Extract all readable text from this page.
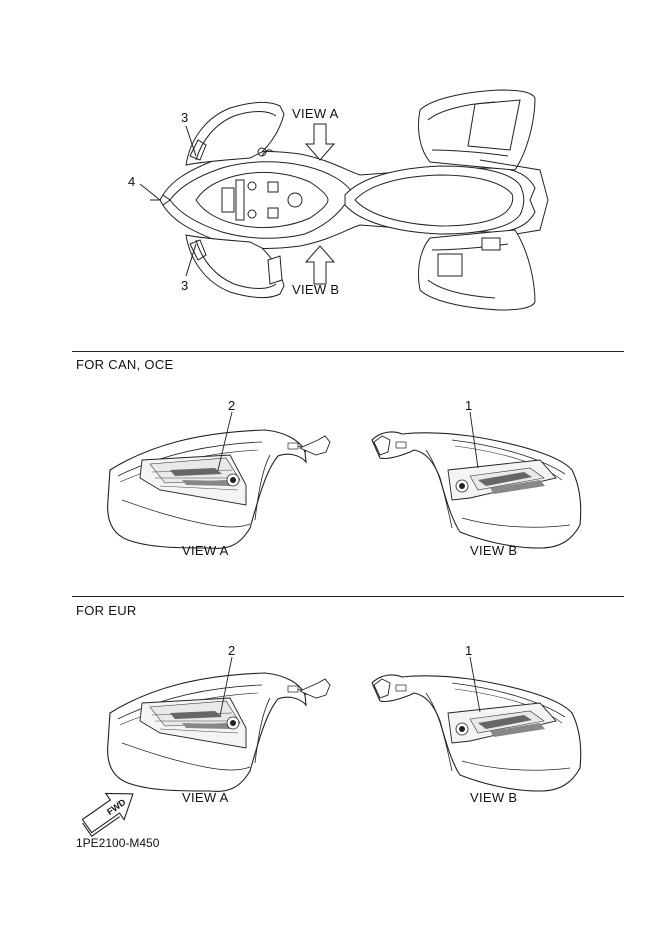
VIEW A
VIEW B
3
4
3
FOR CAN, OCE
2	1
VIEW A	VIEW B
FOR EUR
2	1
VIEW A	VIEW B
FWD
1PE2100-M450
